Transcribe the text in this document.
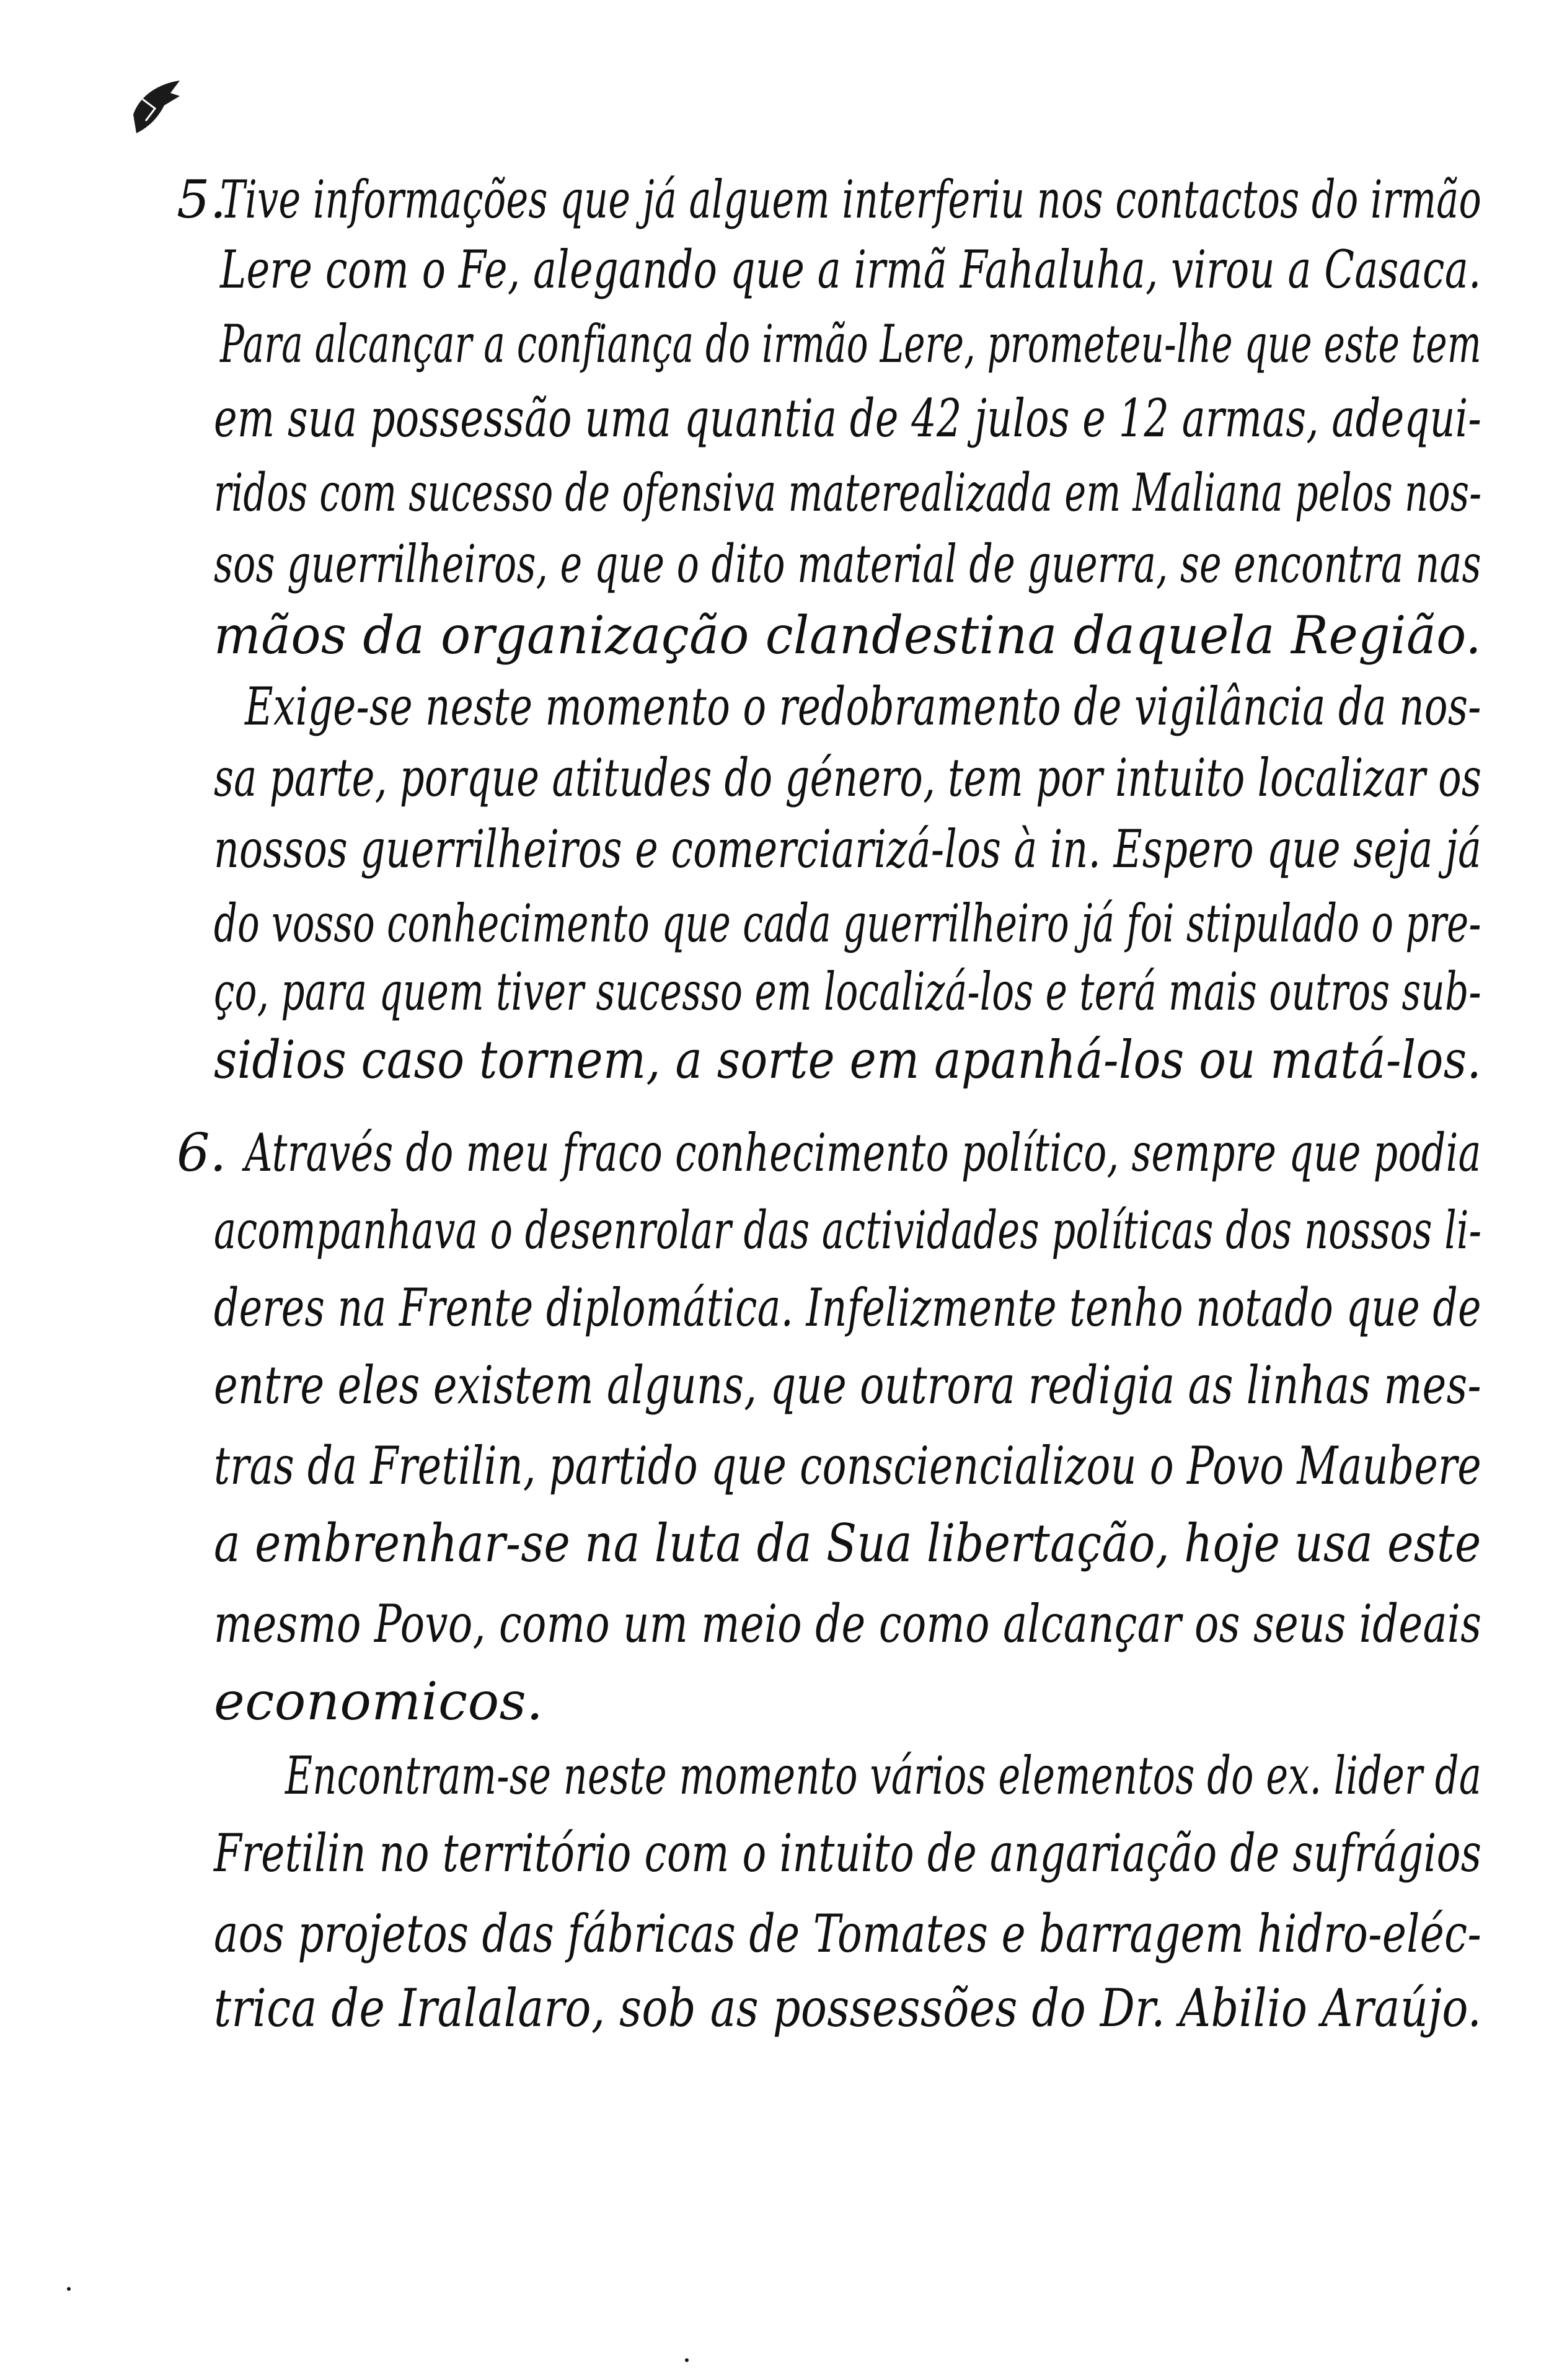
5.
Tive informações que já alguem interferiu nos contactos do irmão
Lere com o Fe, alegando que a irmã Fahaluha, virou a Casaca.
Para alcançar a confiança do irmão Lere, prometeu-lhe que este tem
em sua possessão uma quantia de 42 julos e 12 armas, adequi-
ridos com sucesso de ofensiva materealizada em Maliana pelos nos-
sos guerrilheiros, e que o dito material de guerra, se encontra nas
mãos da organização clandestina daquela Região.
Exige-se neste momento o redobramento de vigilância da nos-
sa parte, porque atitudes do género, tem por intuito localizar os
nossos guerrilheiros e comerciarizá-los à in. Espero que seja já
do vosso conhecimento que cada guerrilheiro já foi stipulado o pre-
ço, para quem tiver sucesso em localizá-los e terá mais outros sub-
sidios caso tornem, a sorte em apanhá-los ou matá-los.
6. Através do meu fraco conhecimento político, sempre que podia
acompanhava o desenrolar das actividades políticas dos nossos li-
deres na Frente diplomática. Infelizmente tenho notado que de
entre eles existem alguns, que outrora redigia as linhas mes-
tras da Fretilin, partido que consciencializou o Povo Maubere
a embrenhar-se na luta da Sua libertação, hoje usa este
mesmo Povo, como um meio de como alcançar os seus ideais
economicos.
Encontram-se neste momento vários elementos do ex. lider da
Fretilin no território com o intuito de angariação de sufrágios
aos projetos das fábricas de Tomates e barragem hidro-eléc-
trica de Iralalaro, sob as possessões do Dr. Abilio Araújo.
